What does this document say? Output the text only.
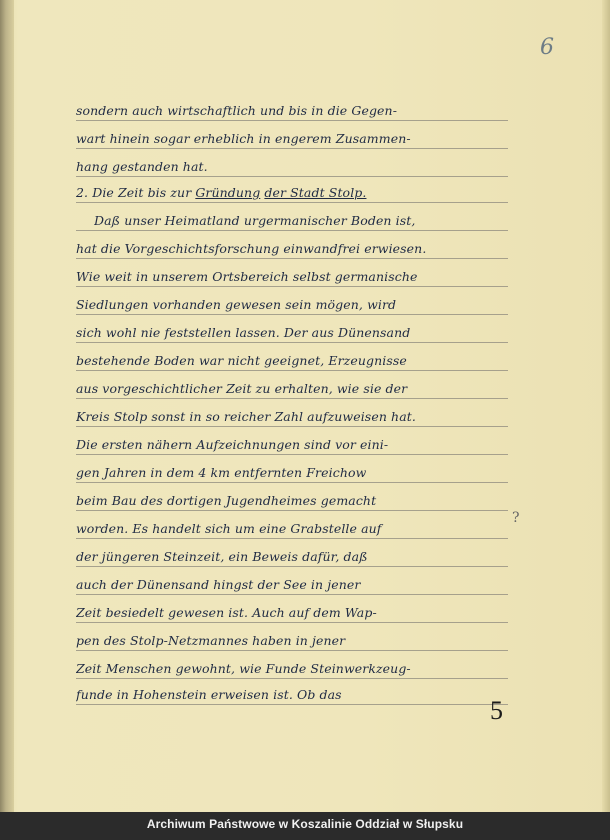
6
sondern auch wirtschaftlich und bis in die Gegen-
wart hinein sogar erheblich in engerem Zusammen-
hang gestanden hat.
2. Die Zeit bis zur Gründung der Stadt Stolp.
Daß unser Heimatland urgermanischer Boden ist,
hat die Vorgeschichtsforschung einwandfrei erwiesen.
Wie weit in unserem Ortsbereich selbst germanische
Siedlungen vorhanden gewesen sein mögen, wird
sich wohl nie feststellen lassen. Der aus Dünensand
bestehende Boden war nicht geeignet, Erzeugnisse
aus vorgeschichtlicher Zeit zu erhalten, wie sie der
Kreis Stolp sonst in so reicher Zahl aufzuweisen hat.
Die ersten nähern Aufzeichnungen sind vor eini-
gen Jahren in dem 4 km entfernten Freichow
beim Bau des dortigen Jugendheimes gemacht
worden. Es handelt sich um eine Grabstelle auf
der jüngeren Steinzeit, ein Beweis dafür, daß
auch der Dünensand hingst der See in jener
Zeit besiedelt gewesen ist. Auch auf dem Wap-
pen des Stolp-Netzmannes haben in jener
Zeit Menschen gewohnt, wie Funde Steinwerkzeug-
funde in Hohenstein erweisen ist. Ob das
?
5
Archiwum Państwowe w Koszalinie Oddział w Słupsku
